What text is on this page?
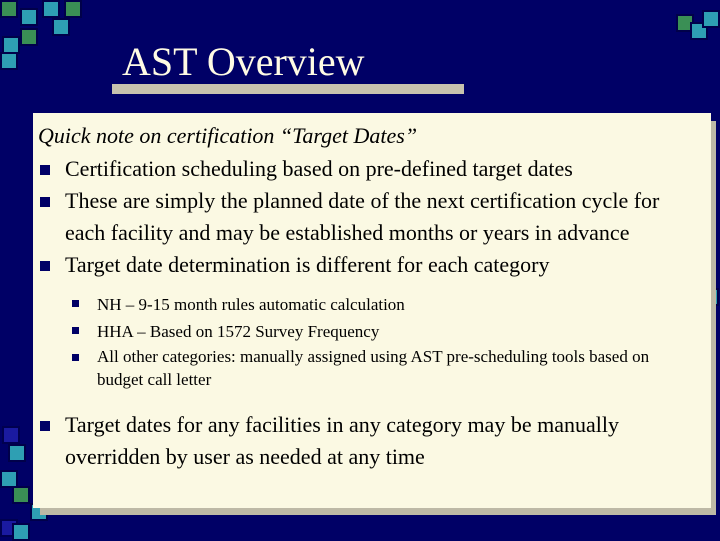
AST Overview
Quick note on certification “Target Dates”
Certification scheduling based on pre-defined target dates
These are simply the planned date of the next certification cycle for each facility and may be established months or years in advance
Target date determination is different for each category
NH – 9-15 month rules automatic calculation
HHA – Based on 1572 Survey Frequency
All other categories: manually assigned using AST pre-scheduling tools based on budget call letter
Target dates for any facilities in any category may be manually overridden by user as needed at any time
